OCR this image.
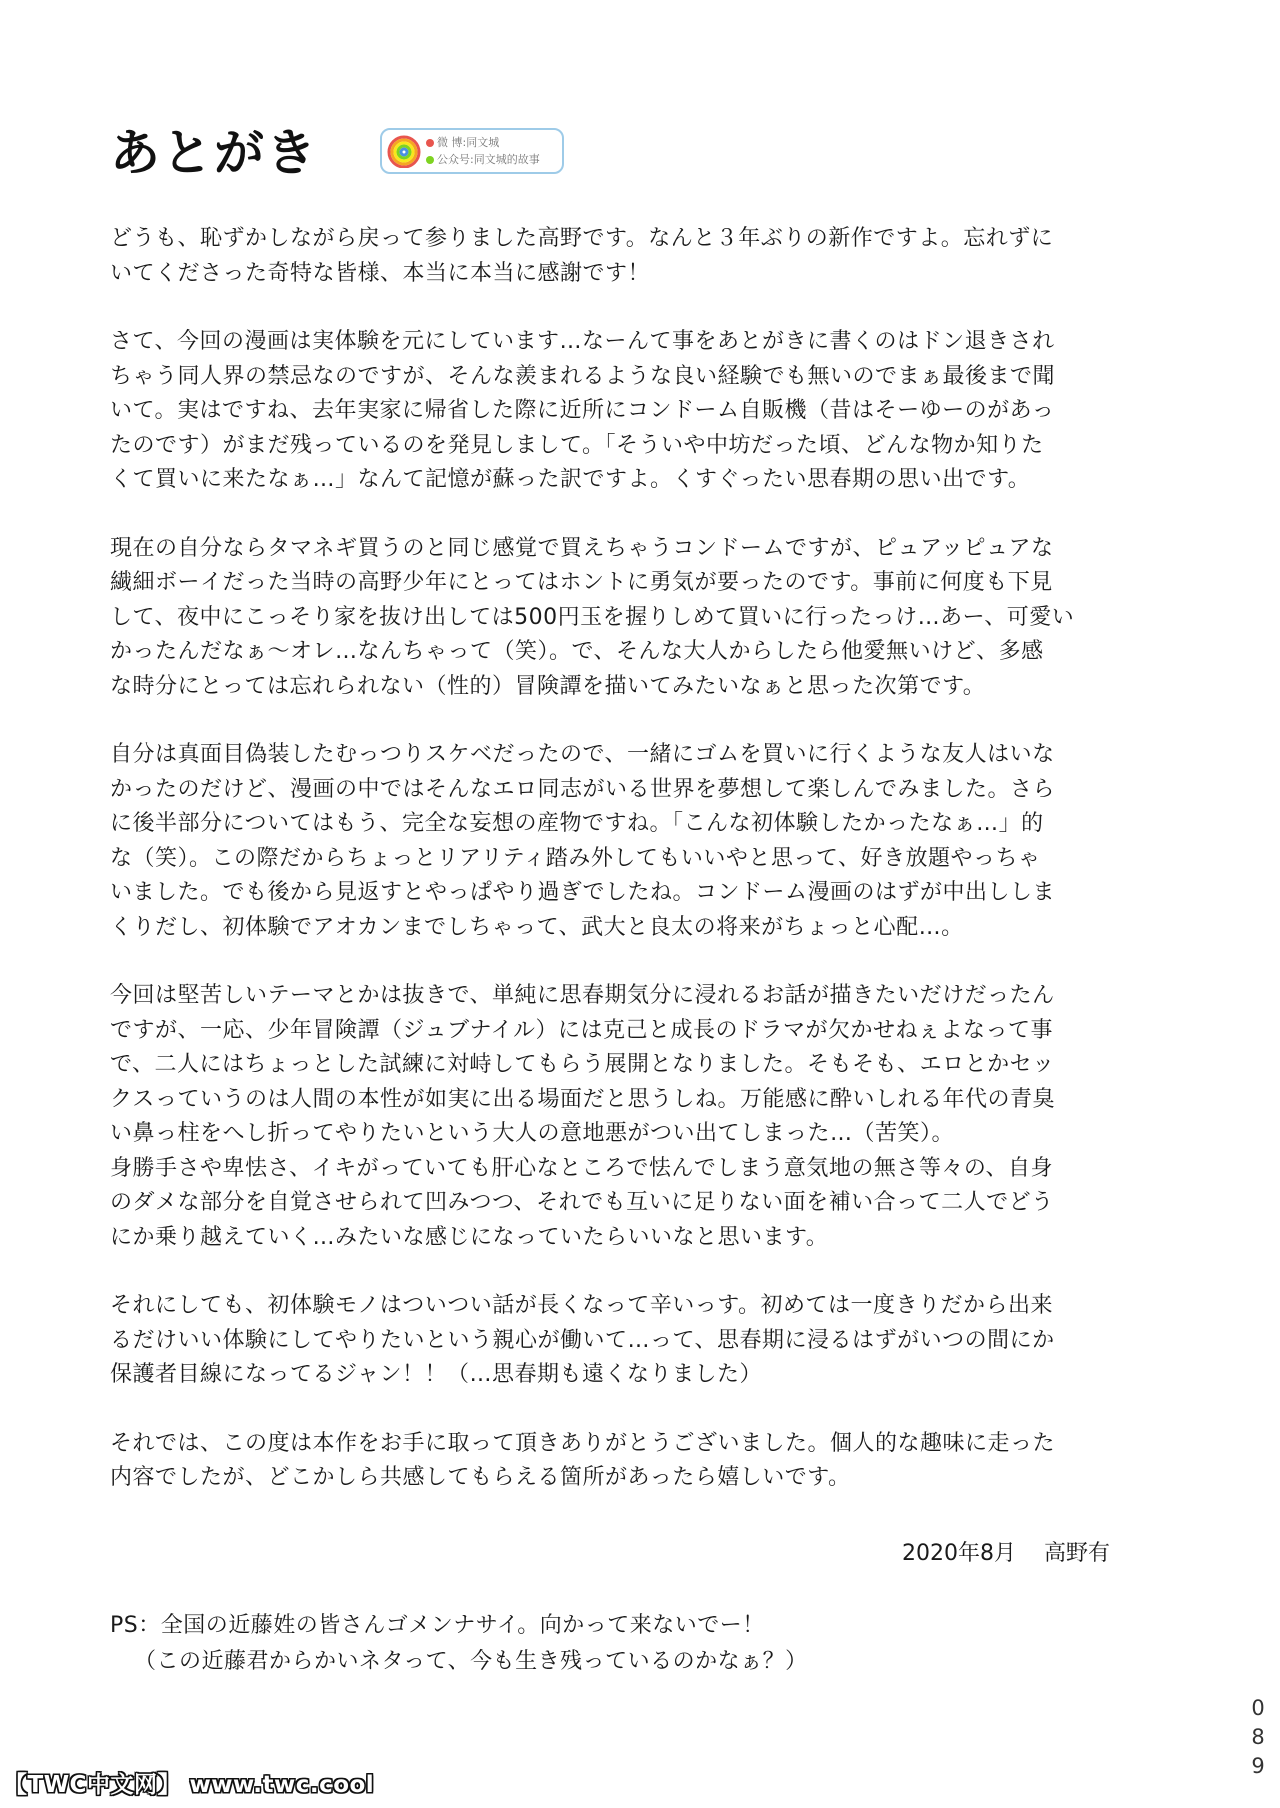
あとがき	微 博:同文城
公众号:同文城的故事
どうも、恥ずかしながら戻って参りました高野です。なんと３年ぶりの新作ですよ。忘れずに
いてくださった奇特な皆様、本当に本当に感謝です！
さて、今回の漫画は実体験を元にしています…なーんて事をあとがきに書くのはドン退きされ
ちゃう同人界の禁忌なのですが、そんな羨まれるような良い経験でも無いのでまぁ最後まで聞
いて。実はですね、去年実家に帰省した際に近所にコンドーム自販機（昔はそーゆーのがあっ
たのです）がまだ残っているのを発見しまして。「そういや中坊だった頃、どんな物か知りた
くて買いに来たなぁ…」なんて記憶が蘇った訳ですよ。くすぐったい思春期の思い出です。
現在の自分ならタマネギ買うのと同じ感覚で買えちゃうコンドームですが、ピュアッピュアな
繊細ボーイだった当時の高野少年にとってはホントに勇気が要ったのです。事前に何度も下見
して、夜中にこっそり家を抜け出しては500円玉を握りしめて買いに行ったっけ…あー、可愛い
かったんだなぁ～オレ…なんちゃって（笑）。で、そんな大人からしたら他愛無いけど、多感
な時分にとっては忘れられない（性的）冒険譚を描いてみたいなぁと思った次第です。
自分は真面目偽装したむっつりスケベだったので、一緒にゴムを買いに行くような友人はいな
かったのだけど、漫画の中ではそんなエロ同志がいる世界を夢想して楽しんでみました。さら
に後半部分についてはもう、完全な妄想の産物ですね。「こんな初体験したかったなぁ…」的
な（笑）。この際だからちょっとリアリティ踏み外してもいいやと思って、好き放題やっちゃ
いました。でも後から見返すとやっぱやり過ぎでしたね。コンドーム漫画のはずが中出ししま
くりだし、初体験でアオカンまでしちゃって、武大と良太の将来がちょっと心配…。
今回は堅苦しいテーマとかは抜きで、単純に思春期気分に浸れるお話が描きたいだけだったん
ですが、一応、少年冒険譚（ジュブナイル）には克己と成長のドラマが欠かせねぇよなって事
で、二人にはちょっとした試練に対峙してもらう展開となりました。そもそも、エロとかセッ
クスっていうのは人間の本性が如実に出る場面だと思うしね。万能感に酔いしれる年代の青臭
い鼻っ柱をへし折ってやりたいという大人の意地悪がつい出てしまった…（苦笑）。
身勝手さや卑怯さ、イキがっていても肝心なところで怯んでしまう意気地の無さ等々の、自身
のダメな部分を自覚させられて凹みつつ、それでも互いに足りない面を補い合って二人でどう
にか乗り越えていく…みたいな感じになっていたらいいなと思います。
それにしても、初体験モノはついつい話が長くなって辛いっす。初めては一度きりだから出来
るだけいい体験にしてやりたいという親心が働いて…って、思春期に浸るはずがいつの間にか
保護者目線になってるジャン！！（…思春期も遠くなりました）
それでは、この度は本作をお手に取って頂きありがとうございました。個人的な趣味に走った
内容でしたが、どこかしら共感してもらえる箇所があったら嬉しいです。
2020年8月 高野有
PS：全国の近藤姓の皆さんゴメンナサイ。向かって来ないでー！
（この近藤君からかいネタって、今も生き残っているのかなぁ？）
0
8
9
【TWC中文网】 www.twc.cool
